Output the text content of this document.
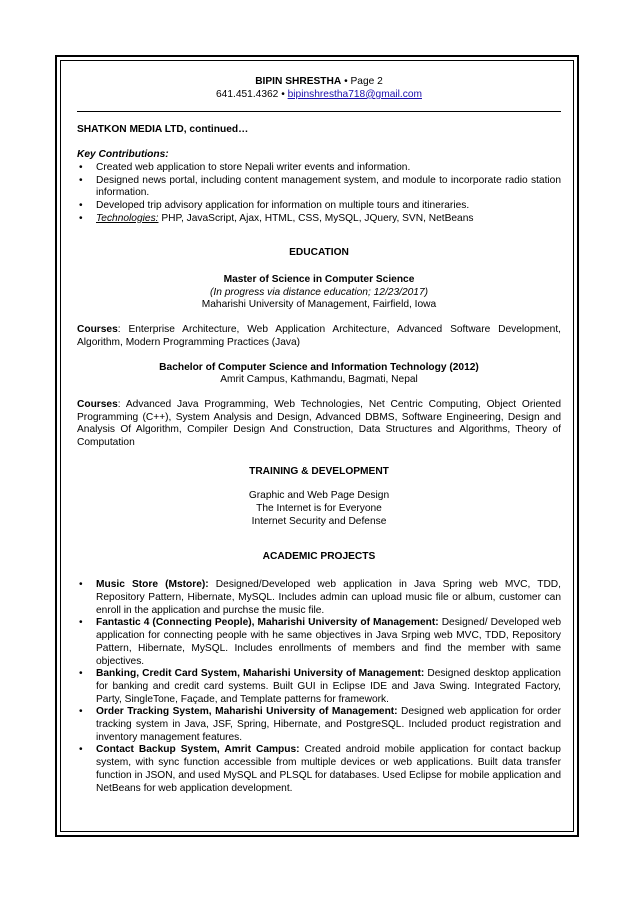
BIPIN SHRESTHA • Page 2
641.451.4362 • bipinshrestha718@gmail.com

SHATKON MEDIA LTD, continued…

Key Contributions:

• Created web application to store Nepali writer events and information.
• Designed news portal, including content management system, and module to incorporate radio station information.
• Developed trip advisory application for information on multiple tours and itineraries.
• Technologies: PHP, JavaScript, Ajax, HTML, CSS, MySQL, JQuery, SVN, NetBeans

EDUCATION

Master of Science in Computer Science

(In progress via distance education; 12/23/2017)

Maharishi University of Management, Fairfield, Iowa

Courses: Enterprise Architecture, Web Application Architecture, Advanced Software Development, Algorithm, Modern Programming Practices (Java)

Bachelor of Computer Science and Information Technology (2012)

Amrit Campus, Kathmandu, Bagmati, Nepal

Courses: Advanced Java Programming, Web Technologies, Net Centric Computing, Object Oriented Programming (C++), System Analysis and Design, Advanced DBMS, Software Engineering, Design and Analysis Of Algorithm, Compiler Design And Construction, Data Structures and Algorithms, Theory of Computation

TRAINING & DEVELOPMENT

Graphic and Web Page Design

The Internet is for Everyone

Internet Security and Defense

ACADEMIC PROJECTS

• Music Store (Mstore): Designed/Developed web application in Java Spring web MVC, TDD, Repository Pattern, Hibernate, MySQL. Includes admin can upload music file or album, customer can enroll in the application and purchse the music file.
• Fantastic 4 (Connecting People), Maharishi University of Management: Designed/ Developed web application for connecting people with he same objectives in Java Srping web MVC, TDD, Repository Pattern, Hibernate, MySQL. Includes enrollments of members and find the member with same objectives.
• Banking, Credit Card System, Maharishi University of Management: Designed desktop application for banking and credit card systems. Built GUI in Eclipse IDE and Java Swing. Integrated Factory, Party, SingleTone, Façade, and Template patterns for framework.
• Order Tracking System, Maharishi University of Management: Designed web application for order tracking system in Java, JSF, Spring, Hibernate, and PostgreSQL. Included product registration and inventory management features.
• Contact Backup System, Amrit Campus: Created android mobile application for contact backup system, with sync function accessible from multiple devices or web applications. Built data transfer function in JSON, and used MySQL and PLSQL for databases. Used Eclipse for mobile application and NetBeans for web application development.
